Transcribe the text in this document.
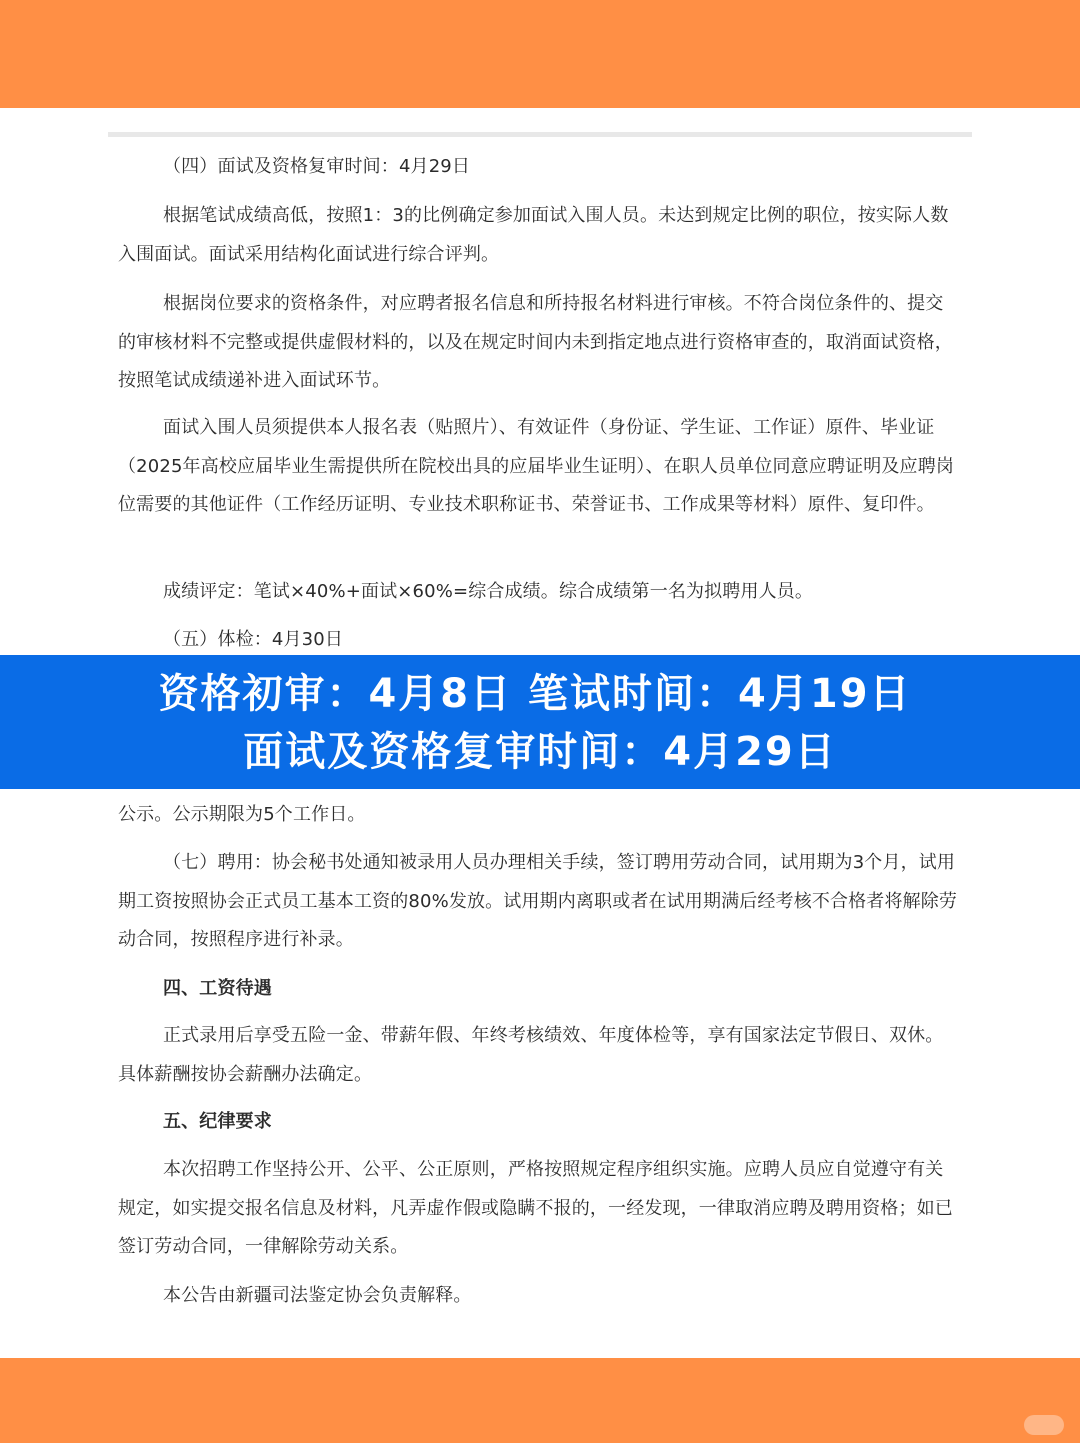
（四）面试及资格复审时间：4月29日

根据笔试成绩高低，按照1：3的比例确定参加面试入围人员。未达到规定比例的职位，按实际人数入围面试。面试采用结构化面试进行综合评判。

根据岗位要求的资格条件，对应聘者报名信息和所持报名材料进行审核。不符合岗位条件的、提交的审核材料不完整或提供虚假材料的，以及在规定时间内未到指定地点进行资格审查的，取消面试资格，按照笔试成绩递补进入面试环节。

面试入围人员须提供本人报名表（贴照片）、有效证件（身份证、学生证、工作证）原件、毕业证（2025年高校应届毕业生需提供所在院校出具的应届毕业生证明）、在职人员单位同意应聘证明及应聘岗位需要的其他证件（工作经历证明、专业技术职称证书、荣誉证书、工作成果等材料）原件、复印件。

成绩评定：笔试×40%+面试×60%=综合成绩。综合成绩第一名为拟聘用人员。

（五）体检：4月30日

资格初审：4月8日 笔试时间：4月19日
面试及资格复审时间：4月29日

公示。公示期限为5个工作日。

（七）聘用：协会秘书处通知被录用人员办理相关手续，签订聘用劳动合同，试用期为3个月，试用期工资按照协会正式员工基本工资的80%发放。试用期内离职或者在试用期满后经考核不合格者将解除劳动合同，按照程序进行补录。

四、工资待遇

正式录用后享受五险一金、带薪年假、年终考核绩效、年度体检等，享有国家法定节假日、双休。具体薪酬按协会薪酬办法确定。

五、纪律要求

本次招聘工作坚持公开、公平、公正原则，严格按照规定程序组织实施。应聘人员应自觉遵守有关规定，如实提交报名信息及材料，凡弄虚作假或隐瞒不报的，一经发现，一律取消应聘及聘用资格；如已签订劳动合同，一律解除劳动关系。

本公告由新疆司法鉴定协会负责解释。
